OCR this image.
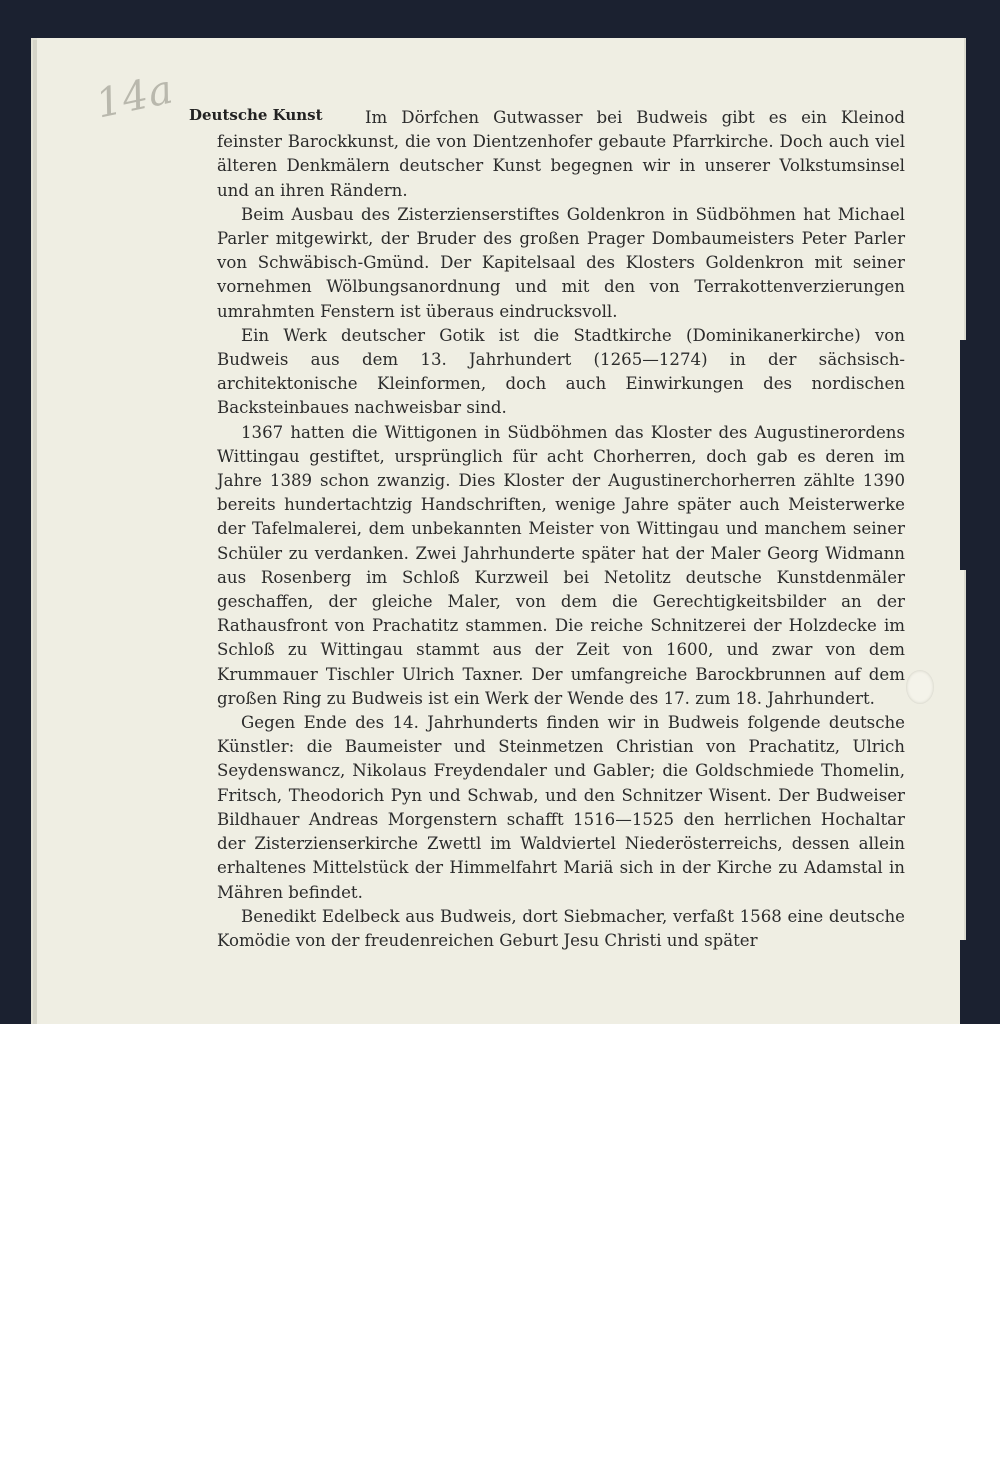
14a Deutsche Kunst	Im Dörfchen Gutwasser bei Budweis gibt es ein Kleinod feinster Barockkunst, die von Dientzenhofer gebaute Pfarrkirche. Doch auch viel älteren Denkmälern deutscher Kunst begegnen wir in unserer Volkstumsinsel und an ihren Rändern.

Beim Ausbau des Zisterzienserstiftes Goldenkron in Südböhmen hat Michael Parler mitgewirkt, der Bruder des großen Prager Dombaumeisters Peter Parler von Schwäbisch-Gmünd. Der Kapitelsaal des Klosters Goldenkron mit seiner vornehmen Wölbungsanordnung und mit den von Terrakottenverzierungen umrahmten Fenstern ist überaus eindrucksvoll.

Ein Werk deutscher Gotik ist die Stadtkirche (Dominikanerkirche) von Budweis aus dem 13. Jahrhundert (1265—1274) in der sächsisch-architektonische Kleinformen, doch auch Einwirkungen des nordischen Backsteinbaues nachweisbar sind.

1367 hatten die Wittigonen in Südböhmen das Kloster des Augustinerordens Wittingau gestiftet, ursprünglich für acht Chorherren, doch gab es deren im Jahre 1389 schon zwanzig. Dies Kloster der Augustinerchorherren zählte 1390 bereits hundertachtzig Handschriften, wenige Jahre später auch Meisterwerke der Tafelmalerei, dem unbekannten Meister von Wittingau und manchem seiner Schüler zu verdanken. Zwei Jahrhunderte später hat der Maler Georg Widmann aus Rosenberg im Schloß Kurzweil bei Netolitz deutsche Kunstdenmäler geschaffen, der gleiche Maler, von dem die Gerechtigkeitsbilder an der Rathausfront von Prachatitz stammen. Die reiche Schnitzerei der Holzdecke im Schloß zu Wittingau stammt aus der Zeit von 1600, und zwar von dem Krummauer Tischler Ulrich Taxner. Der umfangreiche Barockbrunnen auf dem großen Ring zu Budweis ist ein Werk der Wende des 17. zum 18. Jahrhundert.

Gegen Ende des 14. Jahrhunderts finden wir in Budweis folgende deutsche Künstler: die Baumeister und Steinmetzen Christian von Prachatitz, Ulrich Seydenswancz, Nikolaus Freydendaler und Gabler; die Goldschmiede Thomelin, Fritsch, Theodorich Pyn und Schwab, und den Schnitzer Wisent. Der Budweiser Bildhauer Andreas Morgenstern schafft 1516—1525 den herrlichen Hochaltar der Zisterzienserkirche Zwettl im Waldviertel Niederösterreichs, dessen allein erhaltenes Mittelstück der Himmelfahrt Mariä sich in der Kirche zu Adamstal in Mähren befindet.

Benedikt Edelbeck aus Budweis, dort Siebmacher, verfaßt 1568 eine deutsche Komödie von der freudenreichen Geburt Jesu Christi und später
